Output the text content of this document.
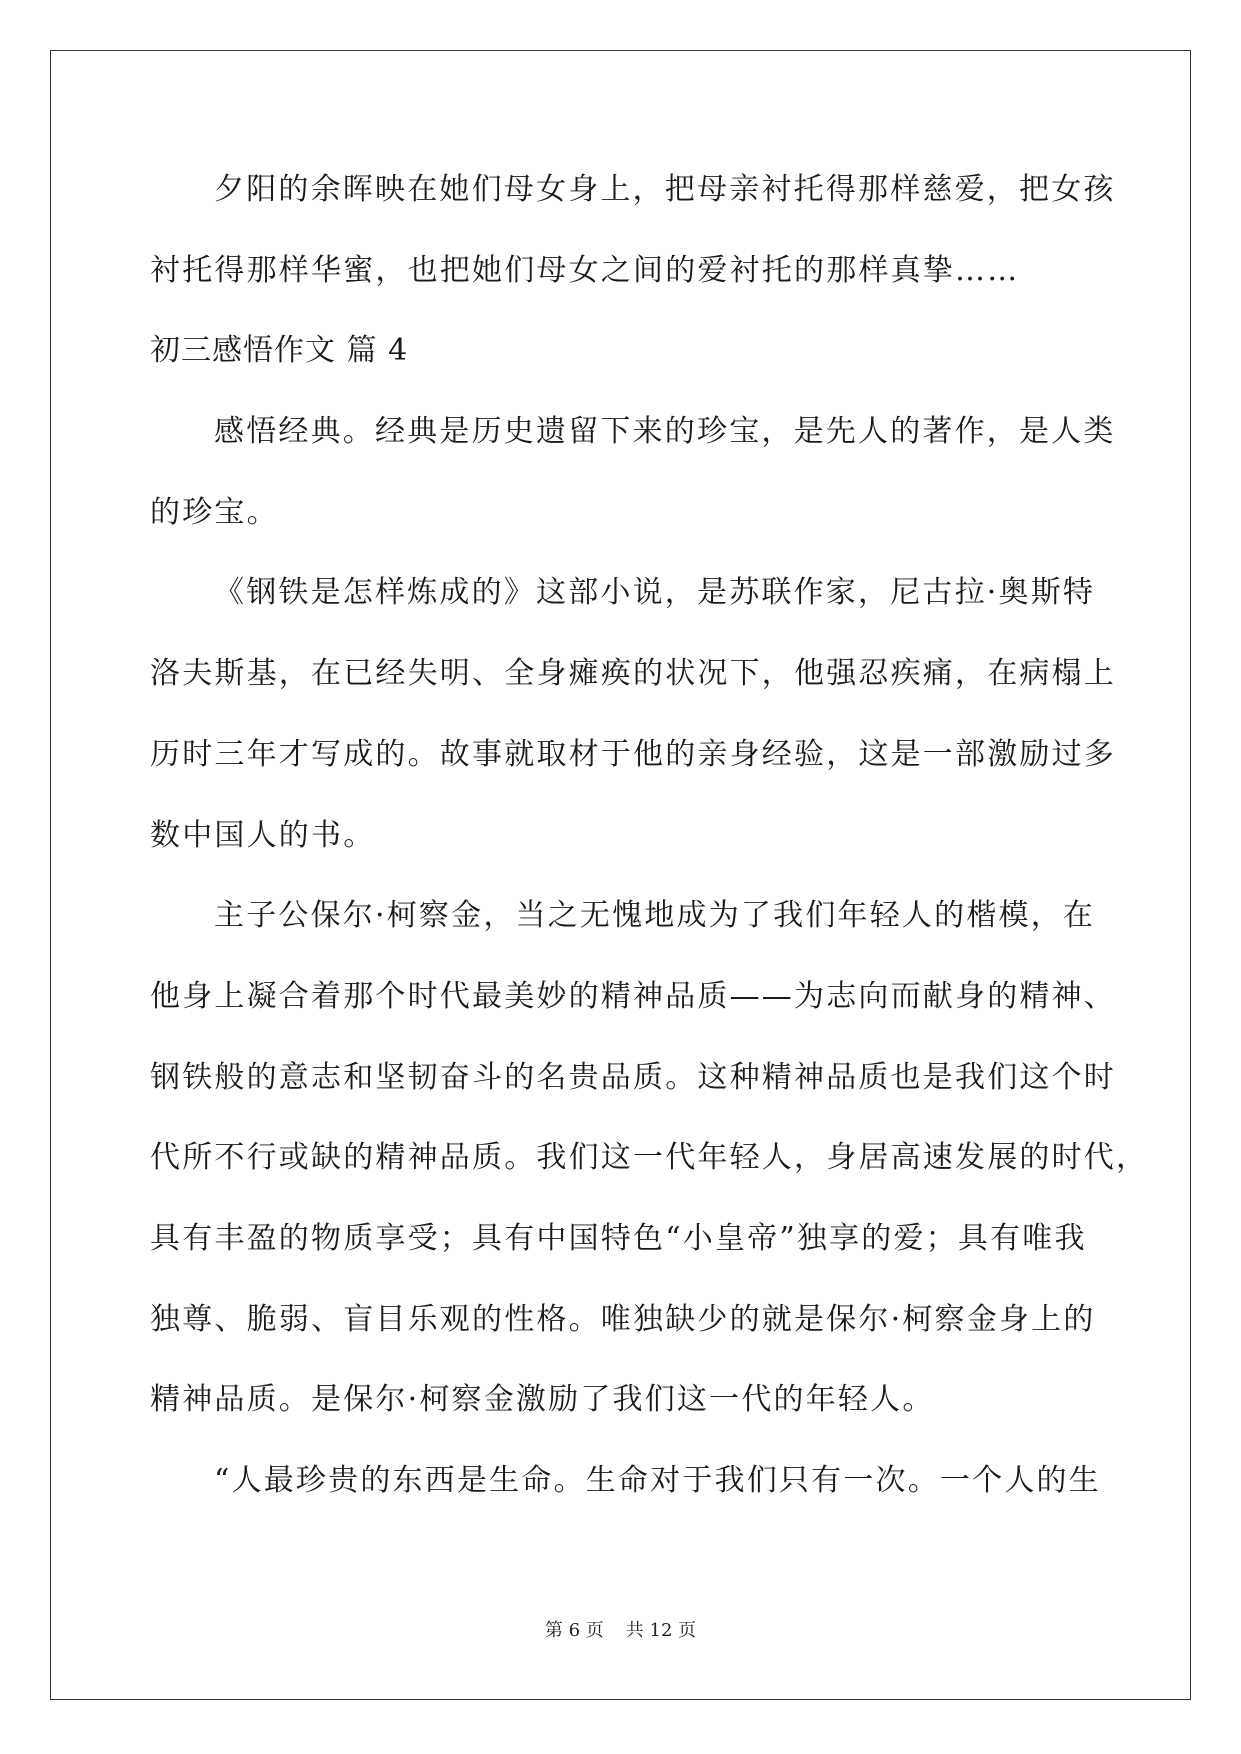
夕阳的余晖映在她们母女身上，把母亲衬托得那样慈爱，把女孩
衬托得那样华蜜，也把她们母女之间的爱衬托的那样真挚……
初三感悟作文 篇 4
感悟经典。经典是历史遗留下来的珍宝，是先人的著作，是人类
的珍宝。
《钢铁是怎样炼成的》这部小说，是苏联作家，尼古拉·奥斯特
洛夫斯基，在已经失明、全身瘫痪的状况下，他强忍疾痛，在病榻上
历时三年才写成的。故事就取材于他的亲身经验，这是一部激励过多
数中国人的书。
主子公保尔·柯察金，当之无愧地成为了我们年轻人的楷模，在
他身上凝合着那个时代最美妙的精神品质——为志向而献身的精神、
钢铁般的意志和坚韧奋斗的名贵品质。这种精神品质也是我们这个时
代所不行或缺的精神品质。我们这一代年轻人，身居高速发展的时代，
具有丰盈的物质享受；具有中国特色“小皇帝”独享的爱；具有唯我
独尊、脆弱、盲目乐观的性格。唯独缺少的就是保尔·柯察金身上的
精神品质。是保尔·柯察金激励了我们这一代的年轻人。
“人最珍贵的东西是生命。生命对于我们只有一次。一个人的生
第 6 页 共 12 页
